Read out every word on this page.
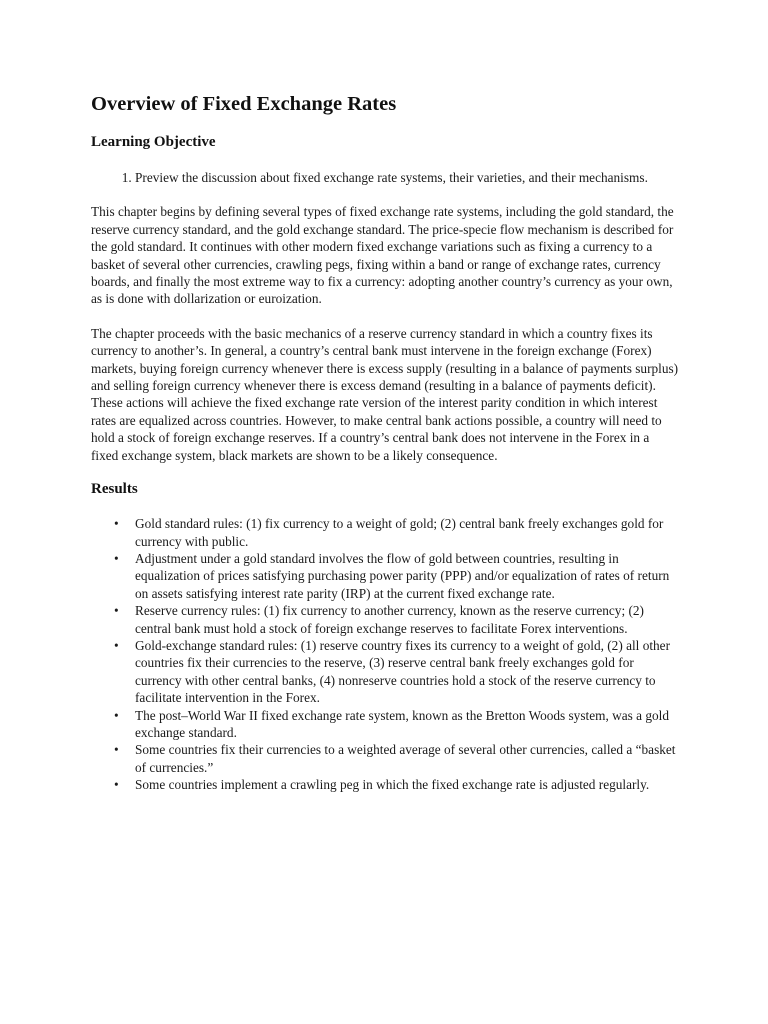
Overview of Fixed Exchange Rates
Learning Objective
1. Preview the discussion about fixed exchange rate systems, their varieties, and their mechanisms.

This chapter begins by defining several types of fixed exchange rate systems, including the gold standard, the reserve currency standard, and the gold exchange standard. The price-specie flow mechanism is described for the gold standard. It continues with other modern fixed exchange variations such as fixing a currency to a basket of several other currencies, crawling pegs, fixing within a band or range of exchange rates, currency boards, and finally the most extreme way to fix a currency: adopting another country’s currency as your own, as is done with dollarization or euroization.

The chapter proceeds with the basic mechanics of a reserve currency standard in which a country fixes its currency to another’s. In general, a country’s central bank must intervene in the foreign exchange (Forex) markets, buying foreign currency whenever there is excess supply (resulting in a balance of payments surplus) and selling foreign currency whenever there is excess demand (resulting in a balance of payments deficit). These actions will achieve the fixed exchange rate version of the interest parity condition in which interest rates are equalized across countries. However, to make central bank actions possible, a country will need to hold a stock of foreign exchange reserves. If a country’s central bank does not intervene in the Forex in a fixed exchange system, black markets are shown to be a likely consequence.

Results
• Gold standard rules: (1) fix currency to a weight of gold; (2) central bank freely exchanges gold for currency with public.
• Adjustment under a gold standard involves the flow of gold between countries, resulting in equalization of prices satisfying purchasing power parity (PPP) and/or equalization of rates of return on assets satisfying interest rate parity (IRP) at the current fixed exchange rate.
• Reserve currency rules: (1) fix currency to another currency, known as the reserve currency; (2) central bank must hold a stock of foreign exchange reserves to facilitate Forex interventions.
• Gold-exchange standard rules: (1) reserve country fixes its currency to a weight of gold, (2) all other countries fix their currencies to the reserve, (3) reserve central bank freely exchanges gold for currency with other central banks, (4) nonreserve countries hold a stock of the reserve currency to facilitate intervention in the Forex.
• The post–World War II fixed exchange rate system, known as the Bretton Woods system, was a gold exchange standard.
• Some countries fix their currencies to a weighted average of several other currencies, called a “basket of currencies.”
• Some countries implement a crawling peg in which the fixed exchange rate is adjusted regularly.
